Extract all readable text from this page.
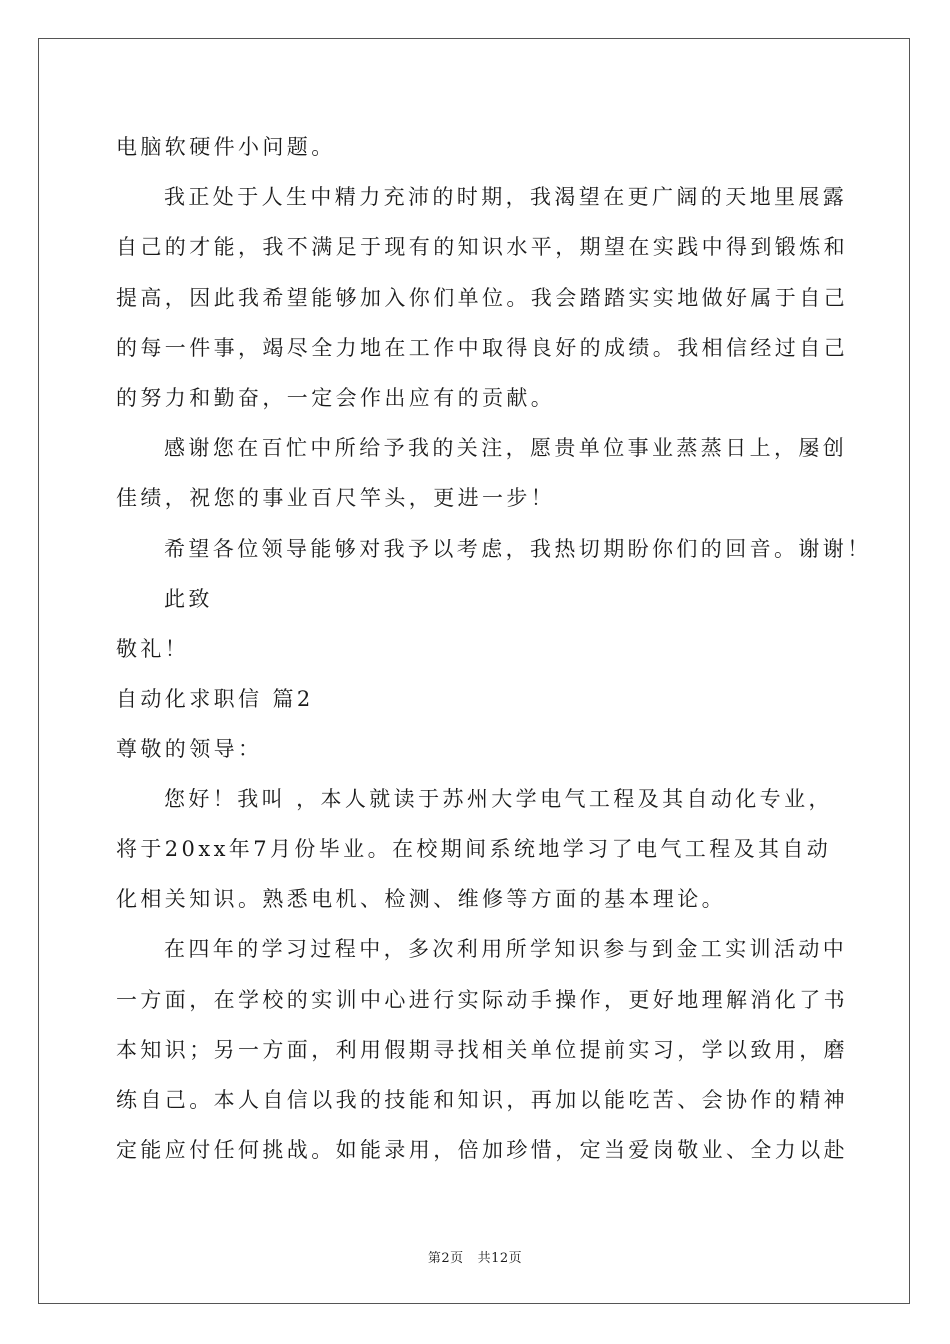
电脑软硬件小问题。
我正处于人生中精力充沛的时期，我渴望在更广阔的天地里展露
自己的才能，我不满足于现有的知识水平，期望在实践中得到锻炼和
提高，因此我希望能够加入你们单位。我会踏踏实实地做好属于自己
的每一件事，竭尽全力地在工作中取得良好的成绩。我相信经过自己
的努力和勤奋，一定会作出应有的贡献。
感谢您在百忙中所给予我的关注，愿贵单位事业蒸蒸日上，屡创
佳绩，祝您的事业百尺竿头，更进一步！
希望各位领导能够对我予以考虑，我热切期盼你们的回音。谢谢！
此致
敬礼！
自动化求职信 篇2
尊敬的领导：
您好！我叫 ，本人就读于苏州大学电气工程及其自动化专业，
将于20xx年7月份毕业。在校期间系统地学习了电气工程及其自动
化相关知识。熟悉电机、检测、维修等方面的基本理论。
在四年的学习过程中，多次利用所学知识参与到金工实训活动中
一方面，在学校的实训中心进行实际动手操作，更好地理解消化了书
本知识；另一方面，利用假期寻找相关单位提前实习，学以致用，磨
练自己。本人自信以我的技能和知识，再加以能吃苦、会协作的精神
定能应付任何挑战。如能录用，倍加珍惜，定当爱岗敬业、全力以赴
第2页 共12页
